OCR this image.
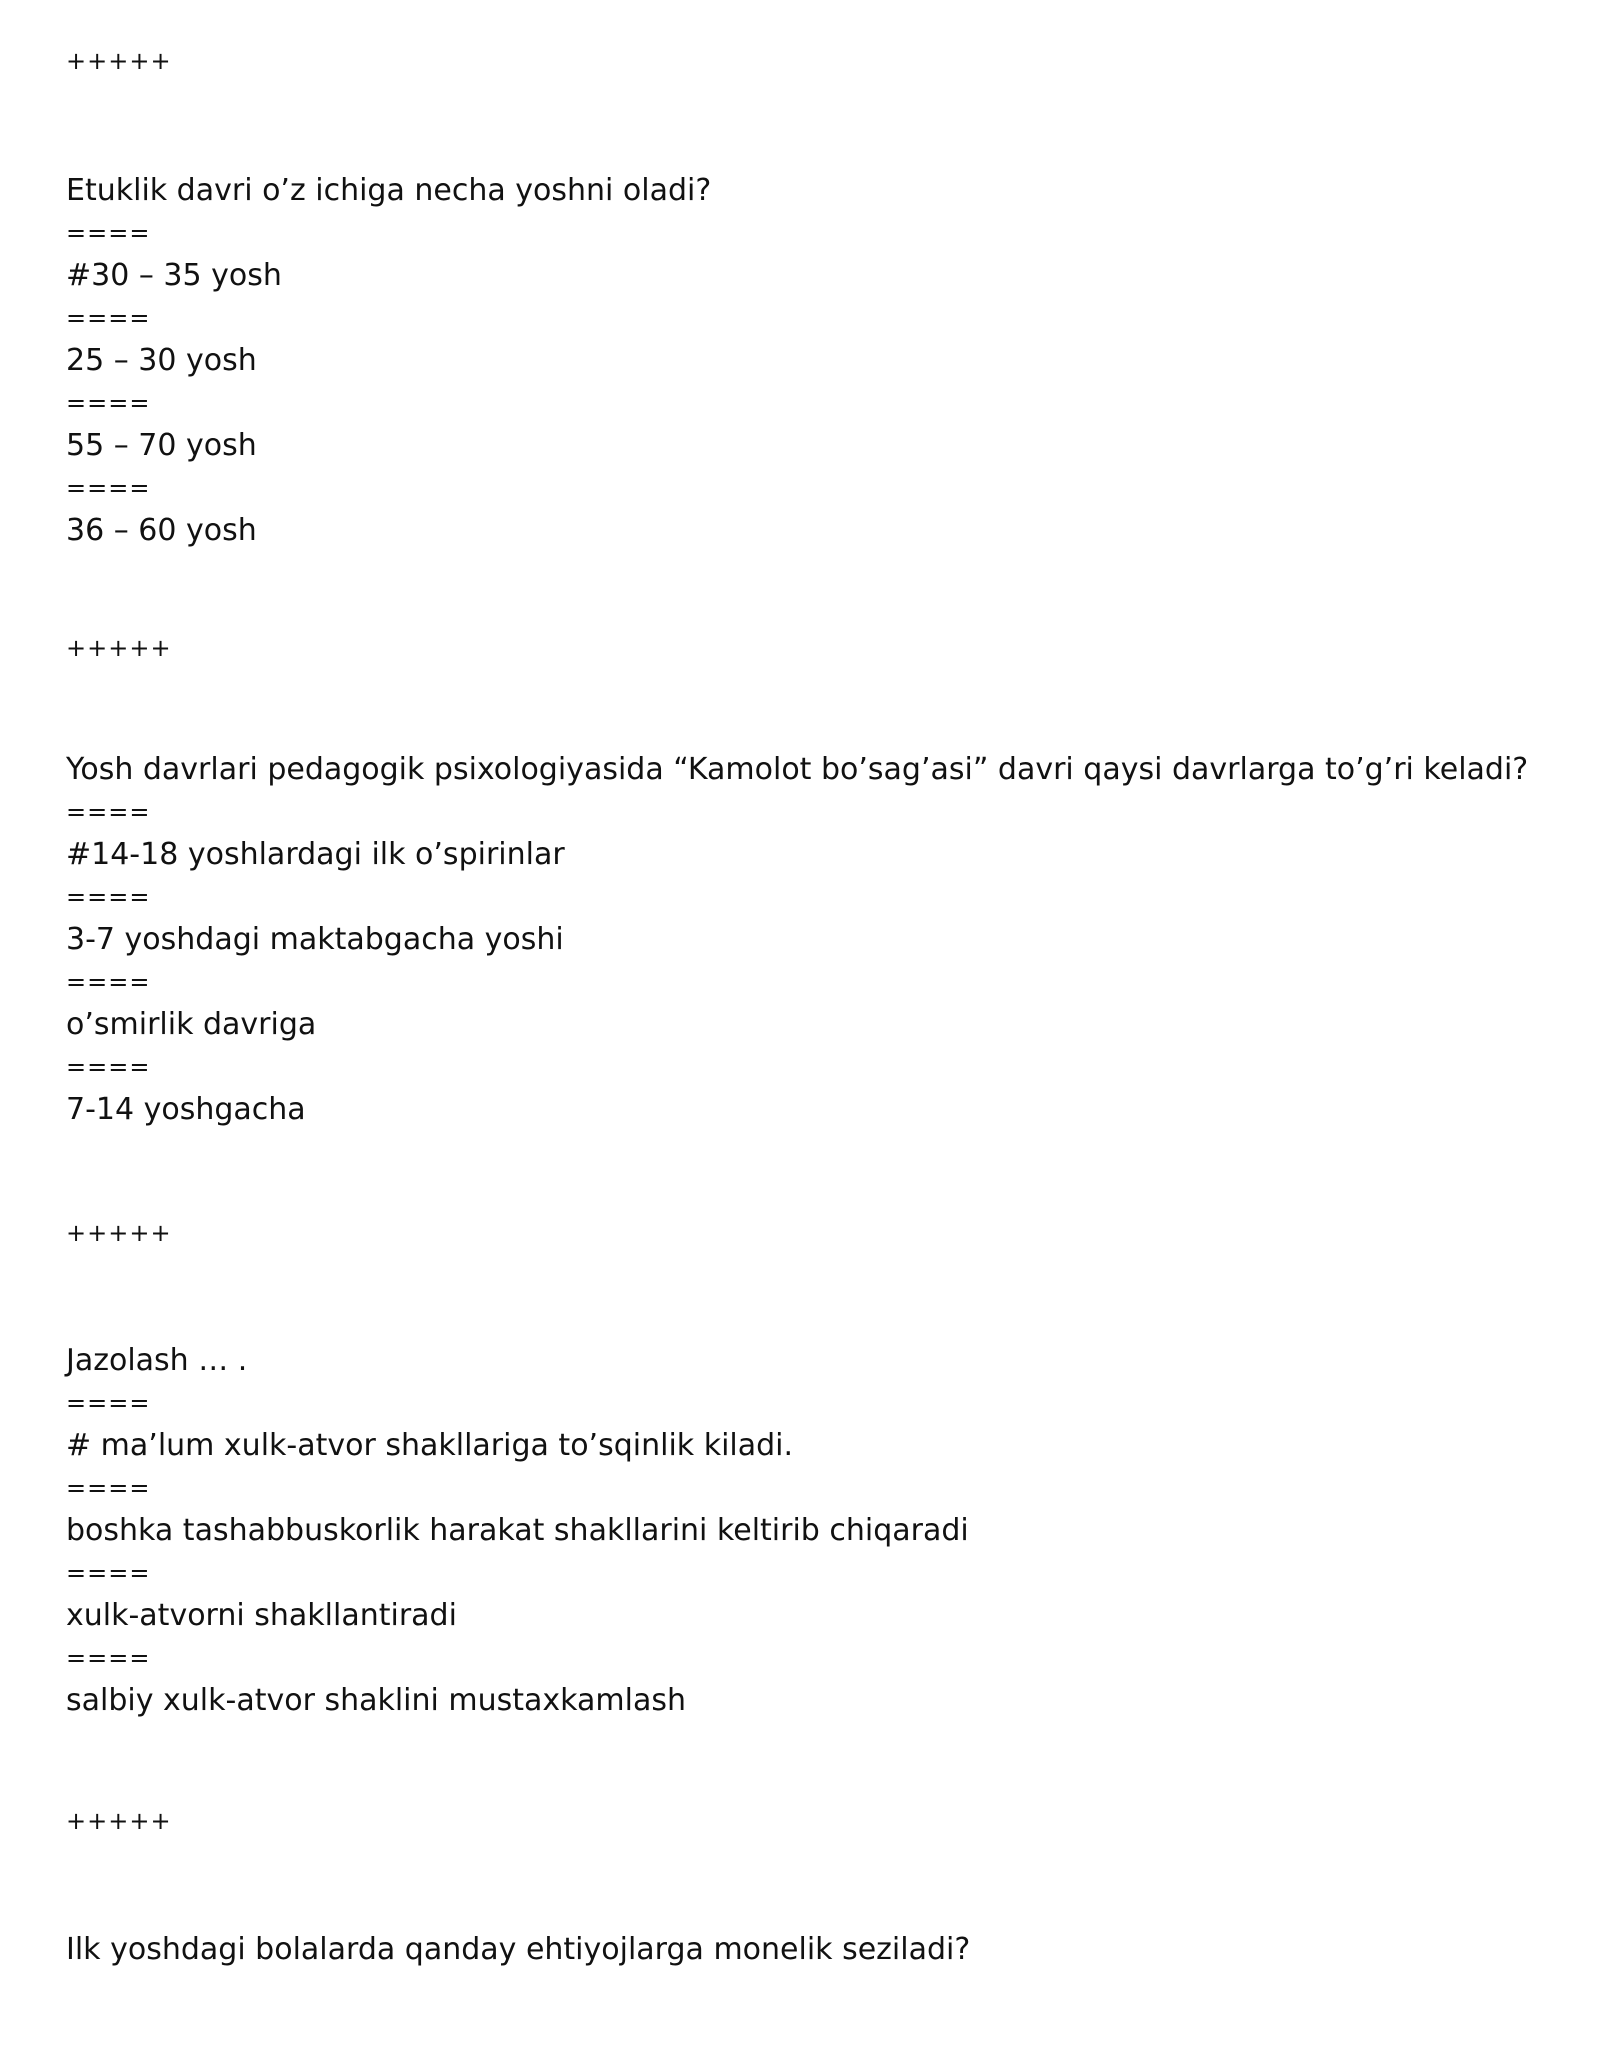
+++++
Etuklik davri o’z ichiga necha yoshni oladi?
====
#30 – 35 yosh
====
25 – 30 yosh
====
55 – 70 yosh
====
36 – 60 yosh
+++++
Yosh davrlari pedagogik psixologiyasida “Kamolot bo’sag’asi” davri qaysi davrlarga to’g’ri keladi?
====
#14-18 yoshlardagi ilk o’spirinlar
====
3-7 yoshdagi maktabgacha yoshi
====
o’smirlik davriga
====
7-14 yoshgacha
+++++
Jazolash … .
====
# ma’lum xulk-atvor shakllariga to’sqinlik kiladi.
====
boshka tashabbuskorlik harakat shakllarini keltirib chiqaradi
====
xulk-atvorni shakllantiradi
====
salbiy xulk-atvor shaklini mustaxkamlash
+++++
Ilk yoshdagi bolalarda qanday ehtiyojlarga monelik seziladi?
